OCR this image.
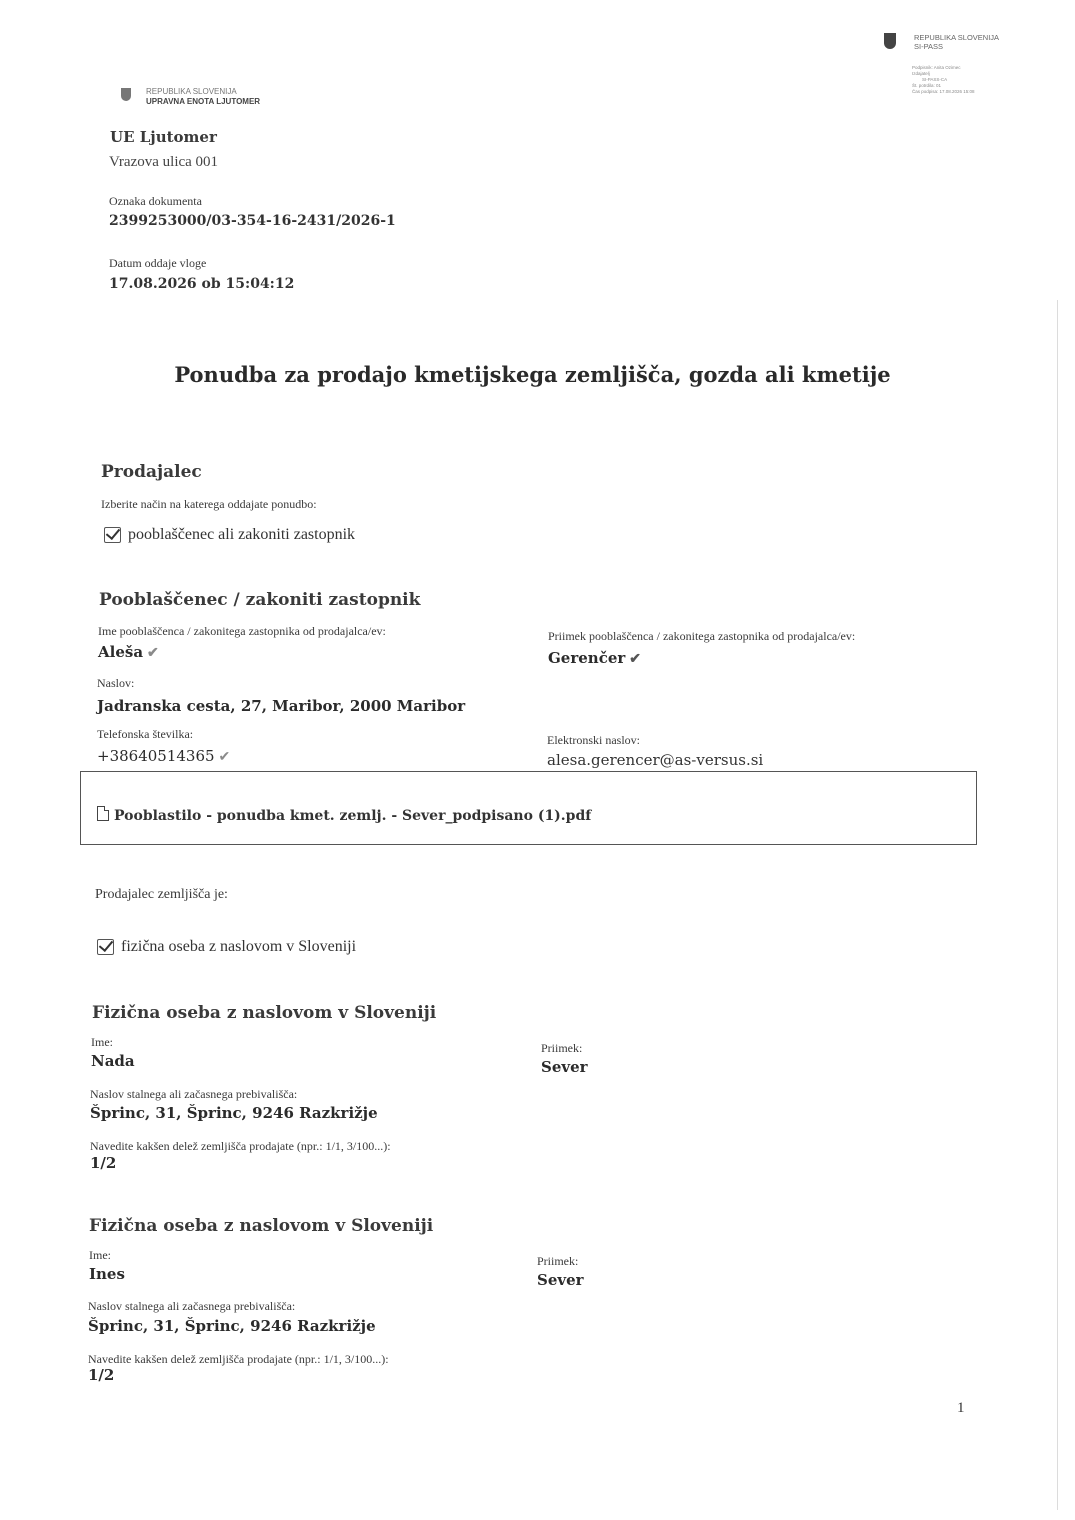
REPUBLIKA SLOVENIJA
SI-PASS
Podpisnik: Anita Ozimec
Izdajatelj
SI-PASS-CA
Št. potrdila: 01
Čas podpisa: 17.08.2026 15:08
REPUBLIKA SLOVENIJA
UPRAVNA ENOTA LJUTOMER
UE Ljutomer
Vrazova ulica 001
Oznaka dokumenta
2399253000/03-354-16-2431/2026-1
Datum oddaje vloge
17.08.2026 ob 15:04:12
Ponudba za prodajo kmetijskega zemljišča, gozda ali kmetije
Prodajalec
Izberite način na katerega oddajate ponudbo:
pooblaščenec ali zakoniti zastopnik
Pooblaščenec / zakoniti zastopnik
Ime pooblaščenca / zakonitega zastopnika od prodajalca/ev:
Aleša ✔
Priimek pooblaščenca / zakonitega zastopnika od prodajalca/ev:
Gerenčer ✔
Naslov:
Jadranska cesta, 27, Maribor, 2000 Maribor
Telefonska številka:
+38640514365 ✔
Elektronski naslov:
alesa.gerencer@as-versus.si
Pooblastilo - ponudba kmet. zemlj. - Sever_podpisano (1).pdf
Prodajalec zemljišča je:
fizična oseba z naslovom v Sloveniji
Fizična oseba z naslovom v Sloveniji
Ime:
Nada
Priimek:
Sever
Naslov stalnega ali začasnega prebivališča:
Šprinc, 31, Šprinc, 9246 Razkrižje
Navedite kakšen delež zemljišča prodajate (npr.: 1/1, 3/100...):
1/2
Fizična oseba z naslovom v Sloveniji
Ime:
Ines
Priimek:
Sever
Naslov stalnega ali začasnega prebivališča:
Šprinc, 31, Šprinc, 9246 Razkrižje
Navedite kakšen delež zemljišča prodajate (npr.: 1/1, 3/100...):
1/2
1
